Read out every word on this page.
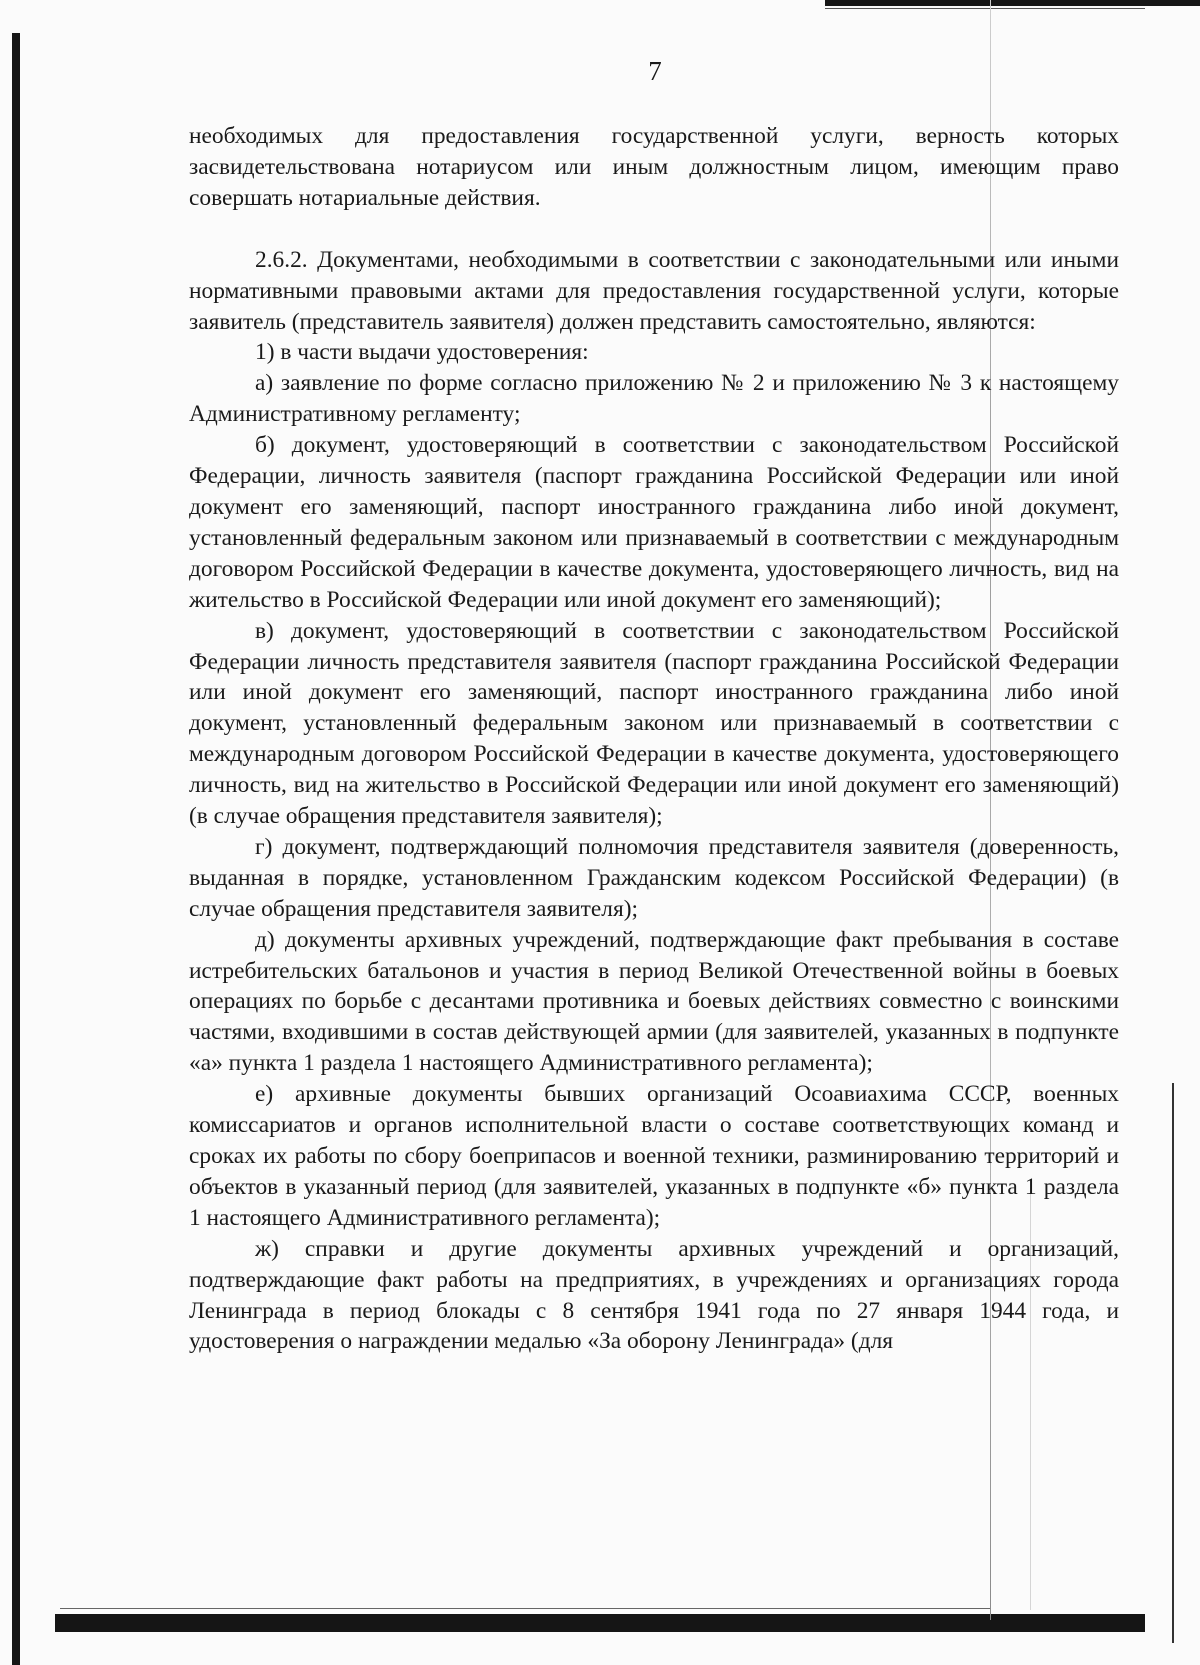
7

необходимых для предоставления государственной услуги, верность которых засвидетельствована нотариусом или иным должностным лицом, имеющим право совершать нотариальные действия.

2.6.2. Документами, необходимыми в соответствии с законодательными или иными нормативными правовыми актами для предоставления государственной услуги, которые заявитель (представитель заявителя) должен представить самостоятельно, являются:

1) в части выдачи удостоверения:

а) заявление по форме согласно приложению № 2 и приложению № 3 к настоящему Административному регламенту;

б) документ, удостоверяющий в соответствии с законодательством Российской Федерации, личность заявителя (паспорт гражданина Российской Федерации или иной документ его заменяющий, паспорт иностранного гражданина либо иной документ, установленный федеральным законом или признаваемый в соответствии с международным договором Российской Федерации в качестве документа, удостоверяющего личность, вид на жительство в Российской Федерации или иной документ его заменяющий);

в) документ, удостоверяющий в соответствии с законодательством Российской Федерации личность представителя заявителя (паспорт гражданина Российской Федерации или иной документ его заменяющий, паспорт иностранного гражданина либо иной документ, установленный федеральным законом или признаваемый в соответствии с международным договором Российской Федерации в качестве документа, удостоверяющего личность, вид на жительство в Российской Федерации или иной документ его заменяющий) (в случае обращения представителя заявителя);

г) документ, подтверждающий полномочия представителя заявителя (доверенность, выданная в порядке, установленном Гражданским кодексом Российской Федерации) (в случае обращения представителя заявителя);

д) документы архивных учреждений, подтверждающие факт пребывания в составе истребительских батальонов и участия в период Великой Отечественной войны в боевых операциях по борьбе с десантами противника и боевых действиях совместно с воинскими частями, входившими в состав действующей армии (для заявителей, указанных в подпункте «а» пункта 1 раздела 1 настоящего Административного регламента);

е) архивные документы бывших организаций Осоавиахима СССР, военных комиссариатов и органов исполнительной власти о составе соответствующих команд и сроках их работы по сбору боеприпасов и военной техники, разминированию территорий и объектов в указанный период (для заявителей, указанных в подпункте «б» пункта 1 раздела 1 настоящего Административного регламента);

ж) справки и другие документы архивных учреждений и организаций, подтверждающие факт работы на предприятиях, в учреждениях и организациях города Ленинграда в период блокады с 8 сентября 1941 года по 27 января 1944 года, и удостоверения о награждении медалью «За оборону Ленинграда» (для
